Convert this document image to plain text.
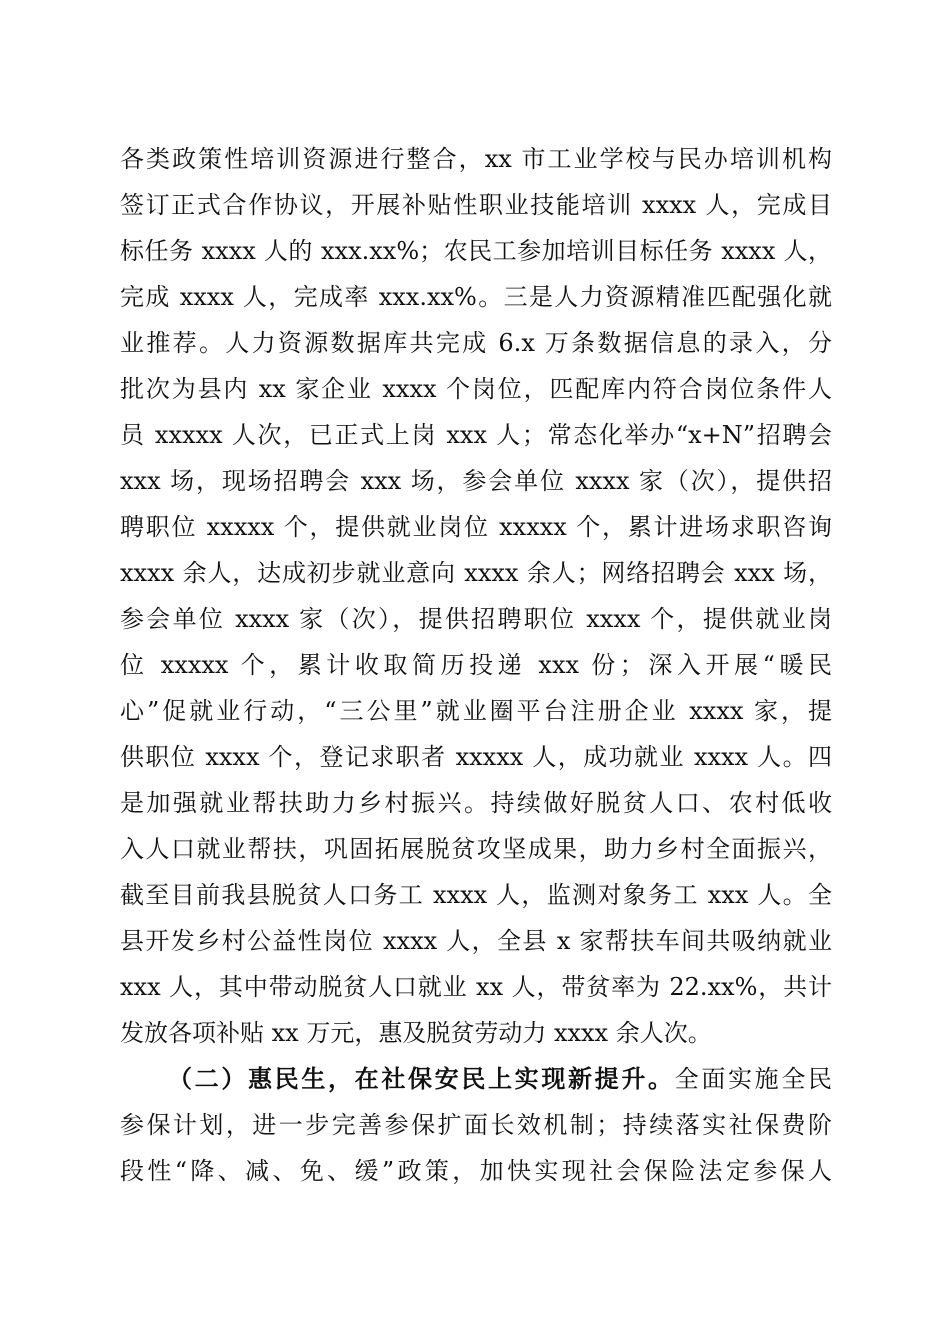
各类政策性培训资源进行整合，xx 市工业学校与民办培训机构
签订正式合作协议，开展补贴性职业技能培训 xxxx 人，完成目
标任务 xxxx 人的 xxx.xx%；农民工参加培训目标任务 xxxx 人，
完成 xxxx 人，完成率 xxx.xx%。三是人力资源精准匹配强化就
业推荐。人力资源数据库共完成 6.x 万条数据信息的录入，分
批次为县内 xx 家企业 xxxx 个岗位，匹配库内符合岗位条件人
员 xxxxx 人次，已正式上岗 xxx 人；常态化举办“x+N”招聘会
xxx 场，现场招聘会 xxx 场，参会单位 xxxx 家（次），提供招
聘职位 xxxxx 个，提供就业岗位 xxxxx 个，累计进场求职咨询
xxxx 余人，达成初步就业意向 xxxx 余人；网络招聘会 xxx 场，
参会单位 xxxx 家（次），提供招聘职位 xxxx 个，提供就业岗
位 xxxxx 个，累计收取简历投递 xxx 份；深入开展“暖民
心”促就业行动，“三公里”就业圈平台注册企业 xxxx 家，提
供职位 xxxx 个，登记求职者 xxxxx 人，成功就业 xxxx 人。四
是加强就业帮扶助力乡村振兴。持续做好脱贫人口、农村低收
入人口就业帮扶，巩固拓展脱贫攻坚成果，助力乡村全面振兴，
截至目前我县脱贫人口务工 xxxx 人，监测对象务工 xxx 人。全
县开发乡村公益性岗位 xxxx 人，全县 x 家帮扶车间共吸纳就业
xxx 人，其中带动脱贫人口就业 xx 人，带贫率为 22.xx%，共计
发放各项补贴 xx 万元，惠及脱贫劳动力 xxxx 余人次。
（二）惠民生，在社保安民上实现新提升。全面实施全民
参保计划，进一步完善参保扩面长效机制；持续落实社保费阶
段性“降、减、免、缓”政策，加快实现社会保险法定参保人
